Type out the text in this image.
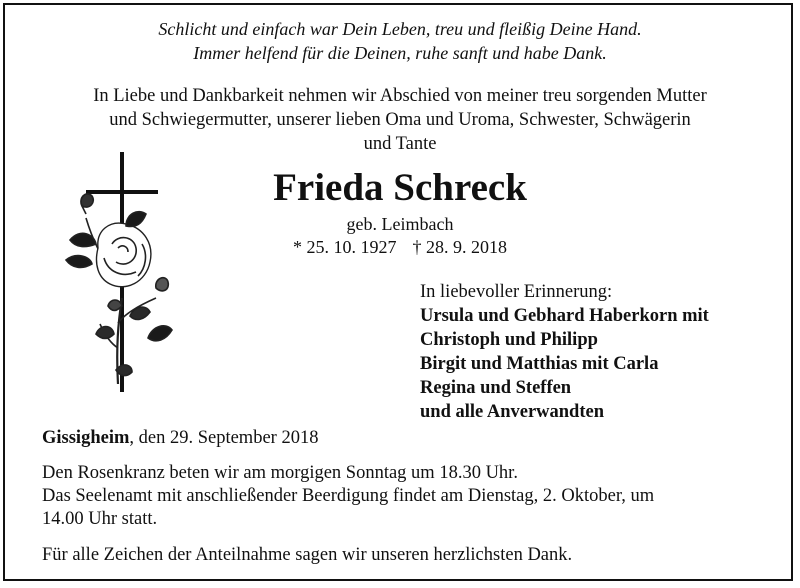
Schlicht und einfach war Dein Leben, treu und fleißig Deine Hand.
Immer helfend für die Deinen, ruhe sanft und habe Dank.
In Liebe und Dankbarkeit nehmen wir Abschied von meiner treu sorgenden Mutter
und Schwiegermutter, unserer lieben Oma und Uroma, Schwester, Schwägerin
und Tante
Frieda Schreck
geb. Leimbach
* 25. 10. 1927 † 28. 9. 2018
In liebevoller Erinnerung:
Ursula und Gebhard Haberkorn mit
Christoph und Philipp
Birgit und Matthias mit Carla
Regina und Steffen
und alle Anverwandten
Gissigheim, den 29. September 2018
Den Rosenkranz beten wir am morgigen Sonntag um 18.30 Uhr.
Das Seelenamt mit anschließender Beerdigung findet am Dienstag, 2. Oktober, um
14.00 Uhr statt.
Für alle Zeichen der Anteilnahme sagen wir unseren herzlichsten Dank.
